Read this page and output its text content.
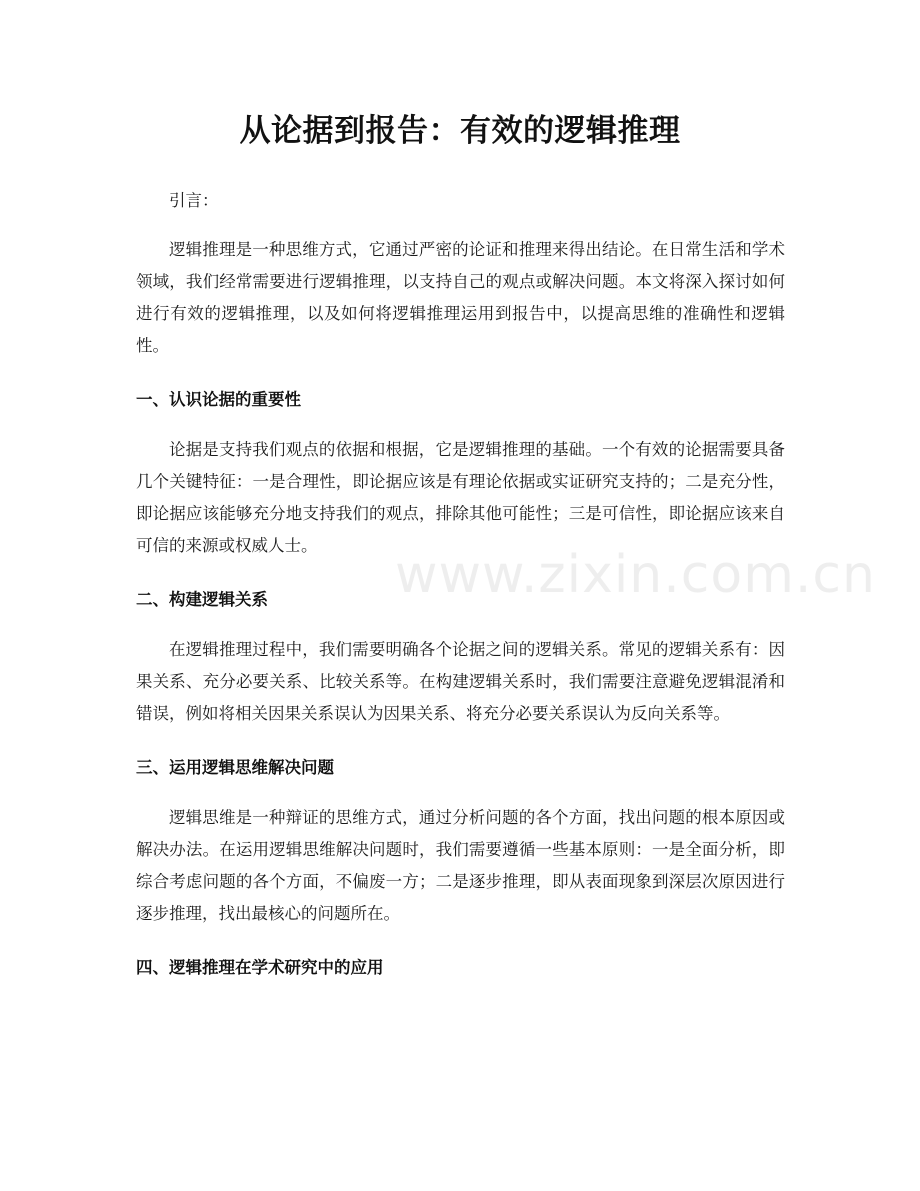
从论据到报告：有效的逻辑推理

引言：

逻辑推理是一种思维方式，它通过严密的论证和推理来得出结论。在日常生活和学术领域，我们经常需要进行逻辑推理，以支持自己的观点或解决问题。本文将深入探讨如何进行有效的逻辑推理，以及如何将逻辑推理运用到报告中，以提高思维的准确性和逻辑性。

一、认识论据的重要性

论据是支持我们观点的依据和根据，它是逻辑推理的基础。一个有效的论据需要具备几个关键特征：一是合理性，即论据应该是有理论依据或实证研究支持的；二是充分性，即论据应该能够充分地支持我们的观点，排除其他可能性；三是可信性，即论据应该来自可信的来源或权威人士。

二、构建逻辑关系

在逻辑推理过程中，我们需要明确各个论据之间的逻辑关系。常见的逻辑关系有：因果关系、充分必要关系、比较关系等。在构建逻辑关系时，我们需要注意避免逻辑混淆和错误，例如将相关因果关系误认为因果关系、将充分必要关系误认为反向关系等。

三、运用逻辑思维解决问题

逻辑思维是一种辩证的思维方式，通过分析问题的各个方面，找出问题的根本原因或解决办法。在运用逻辑思维解决问题时，我们需要遵循一些基本原则：一是全面分析，即综合考虑问题的各个方面，不偏废一方；二是逐步推理，即从表面现象到深层次原因进行逐步推理，找出最核心的问题所在。

四、逻辑推理在学术研究中的应用
www.zixin.com.cn
